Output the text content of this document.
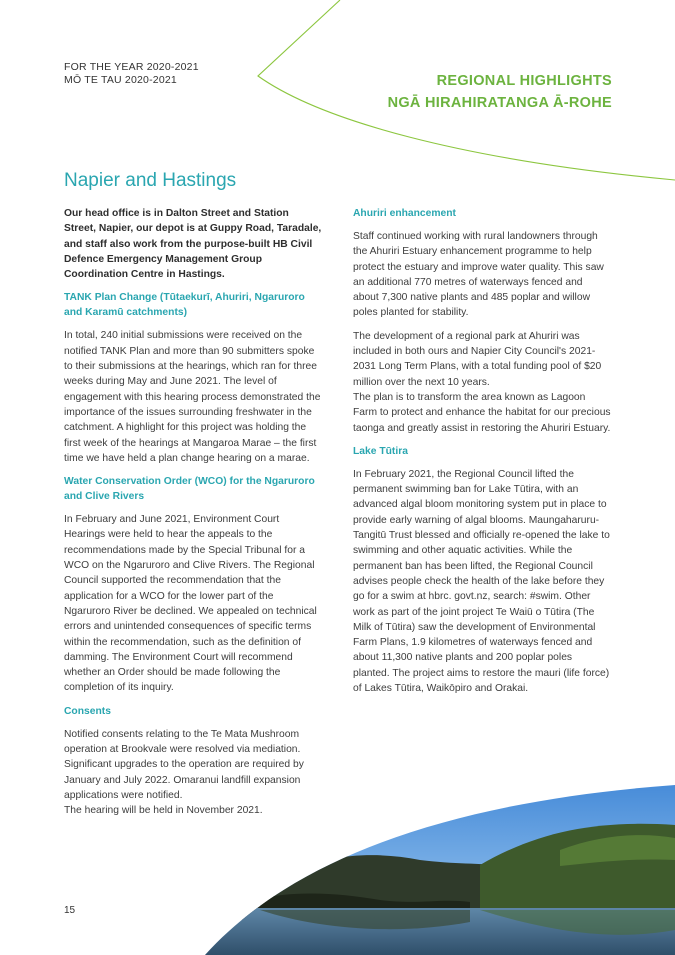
FOR THE YEAR 2020-2021
MŌ TE TAU 2020-2021	REGIONAL HIGHLIGHTS
NGĀ HIRAHIRATANGA Ā-ROHE
Napier and Hastings

Our head office is in Dalton Street and Station Street, Napier, our depot is at Guppy Road, Taradale, and staff also work from the purpose-built HB Civil Defence Emergency Management Group Coordination Centre in Hastings.

TANK Plan Change (Tūtaekurī, Ahuriri, Ngaruroro and Karamū catchments)

In total, 240 initial submissions were received on the notified TANK Plan and more than 90 submitters spoke to their submissions at the hearings, which ran for three weeks during May and June 2021. The level of engagement with this hearing process demonstrated the importance of the issues surrounding freshwater in the catchment. A highlight for this project was holding the first week of the hearings at Mangaroa Marae – the first time we have held a plan change hearing on a marae.

Water Conservation Order (WCO) for the Ngaruroro and Clive Rivers

In February and June 2021, Environment Court Hearings were held to hear the appeals to the recommendations made by the Special Tribunal for a WCO on the Ngaruroro and Clive Rivers. The Regional Council supported the recommendation that the application for a WCO for the lower part of the Ngaruroro River be declined. We appealed on technical errors and unintended consequences of specific terms within the recommendation, such as the definition of damming. The Environment Court will recommend whether an Order should be made following the completion of its inquiry.

Consents

Notified consents relating to the Te Mata Mushroom operation at Brookvale were resolved via mediation. Significant upgrades to the operation are required by January and July 2022. Omaranui landfill expansion applications were notified.
The hearing will be held in November 2021.

Ahuriri enhancement

Staff continued working with rural landowners through the Ahuriri Estuary enhancement programme to help protect the estuary and improve water quality. This saw an additional 770 metres of waterways fenced and about 7,300 native plants and 485 poplar and willow poles planted for stability.

The development of a regional park at Ahuriri was included in both ours and Napier City Council's 2021-2031 Long Term Plans, with a total funding pool of $20 million over the next 10 years.
The plan is to transform the area known as Lagoon Farm to protect and enhance the habitat for our precious taonga and greatly assist in restoring the Ahuriri Estuary.

Lake Tūtira

In February 2021, the Regional Council lifted the permanent swimming ban for Lake Tūtira, with an advanced algal bloom monitoring system put in place to provide early warning of algal blooms. Maungaharuru-Tangitū Trust blessed and officially re-opened the lake to swimming and other aquatic activities. While the permanent ban has been lifted, the Regional Council advises people check the health of the lake before they go for a swim at hbrc. govt.nz, search: #swim. Other work as part of the joint project Te Waiū o Tūtira (The Milk of Tūtira) saw the development of Environmental Farm Plans, 1.9 kilometres of waterways fenced and about 11,300 native plants and 200 poplar poles planted. The project aims to restore the mauri (life force) of Lakes Tūtira, Waikōpiro and Orakai.

15
